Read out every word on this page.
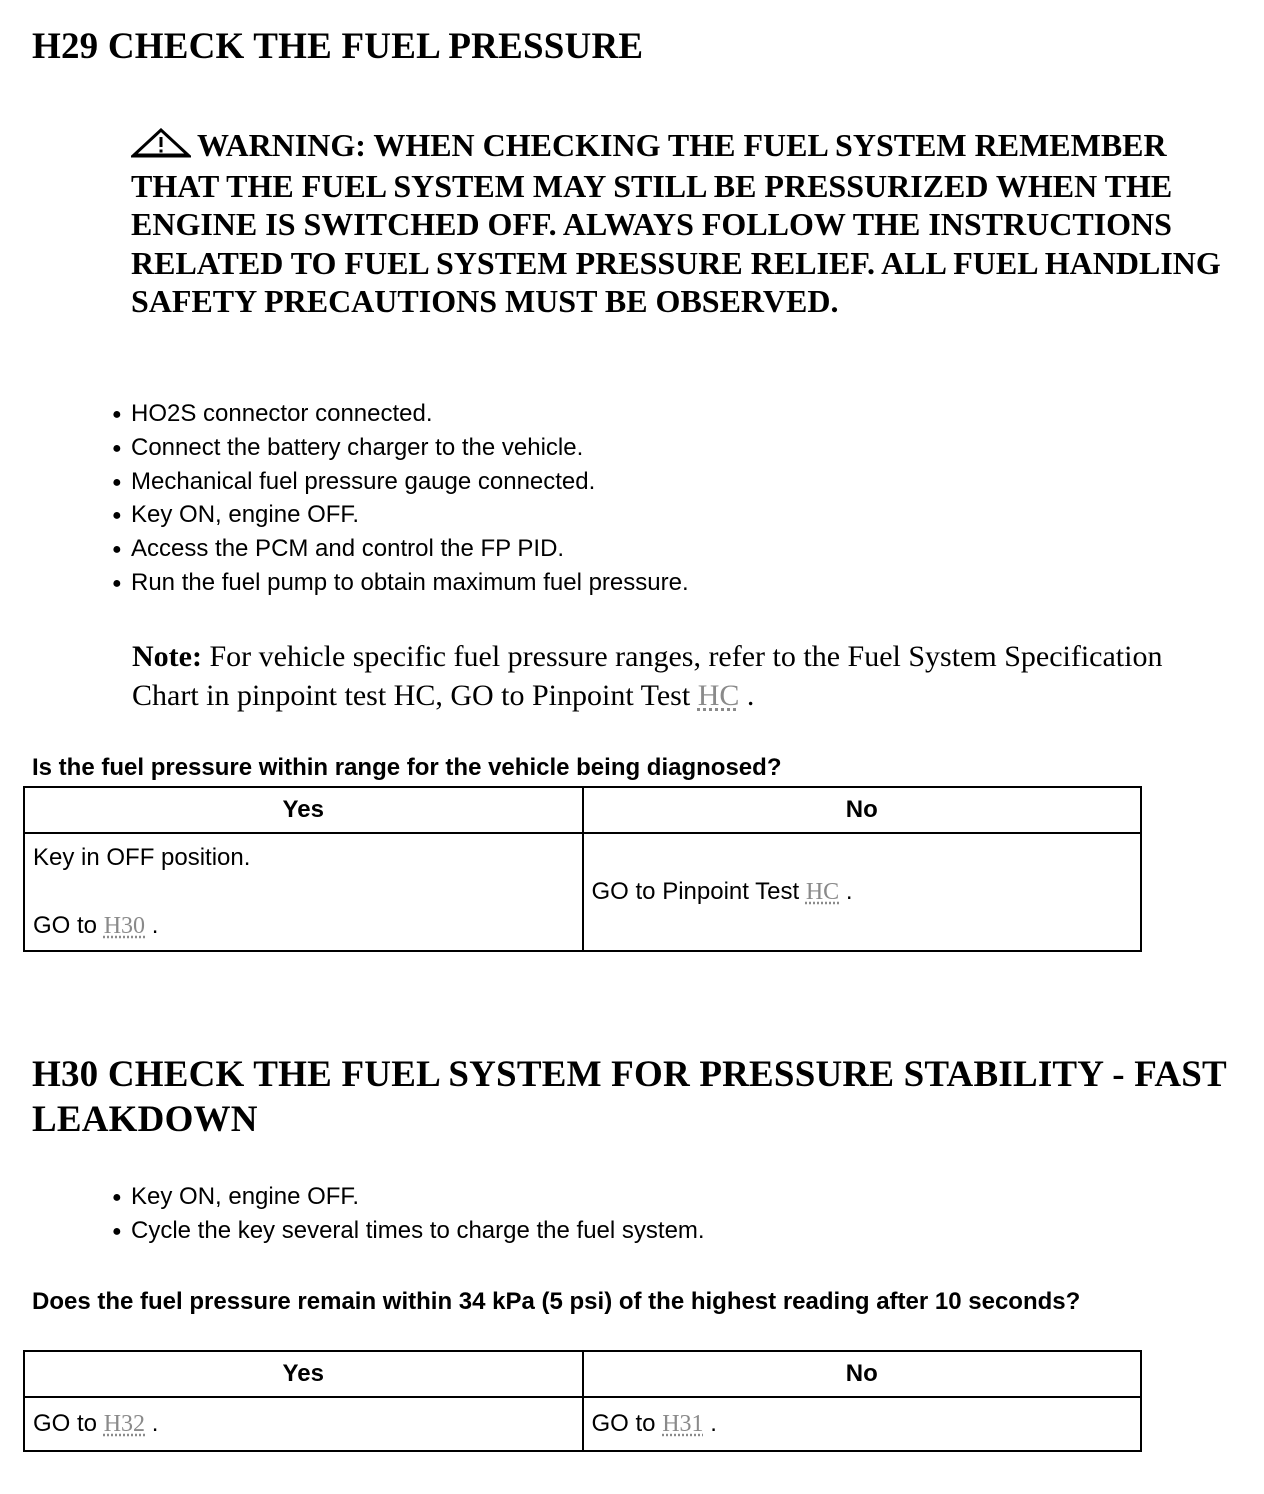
H29 CHECK THE FUEL PRESSURE

WARNING: WHEN CHECKING THE FUEL SYSTEM REMEMBER THAT THE FUEL SYSTEM MAY STILL BE PRESSURIZED WHEN THE ENGINE IS SWITCHED OFF. ALWAYS FOLLOW THE INSTRUCTIONS RELATED TO FUEL SYSTEM PRESSURE RELIEF. ALL FUEL HANDLING SAFETY PRECAUTIONS MUST BE OBSERVED.

● HO2S connector connected.
● Connect the battery charger to the vehicle.
● Mechanical fuel pressure gauge connected.
● Key ON, engine OFF.
● Access the PCM and control the FP PID.
● Run the fuel pump to obtain maximum fuel pressure.

Note: For vehicle specific fuel pressure ranges, refer to the Fuel System Specification Chart in pinpoint test HC, GO to Pinpoint Test HC .

Is the fuel pressure within range for the vehicle being diagnosed?

Yes	No

Key in OFF position.
GO to H30 .	GO to Pinpoint Test HC .
H30 CHECK THE FUEL SYSTEM FOR PRESSURE STABILITY - FAST LEAKDOWN
● Key ON, engine OFF.
● Cycle the key several times to charge the fuel system.

Does the fuel pressure remain within 34 kPa (5 psi) of the highest reading after 10 seconds?

Yes	No
GO to H32 .	GO to H31 .
